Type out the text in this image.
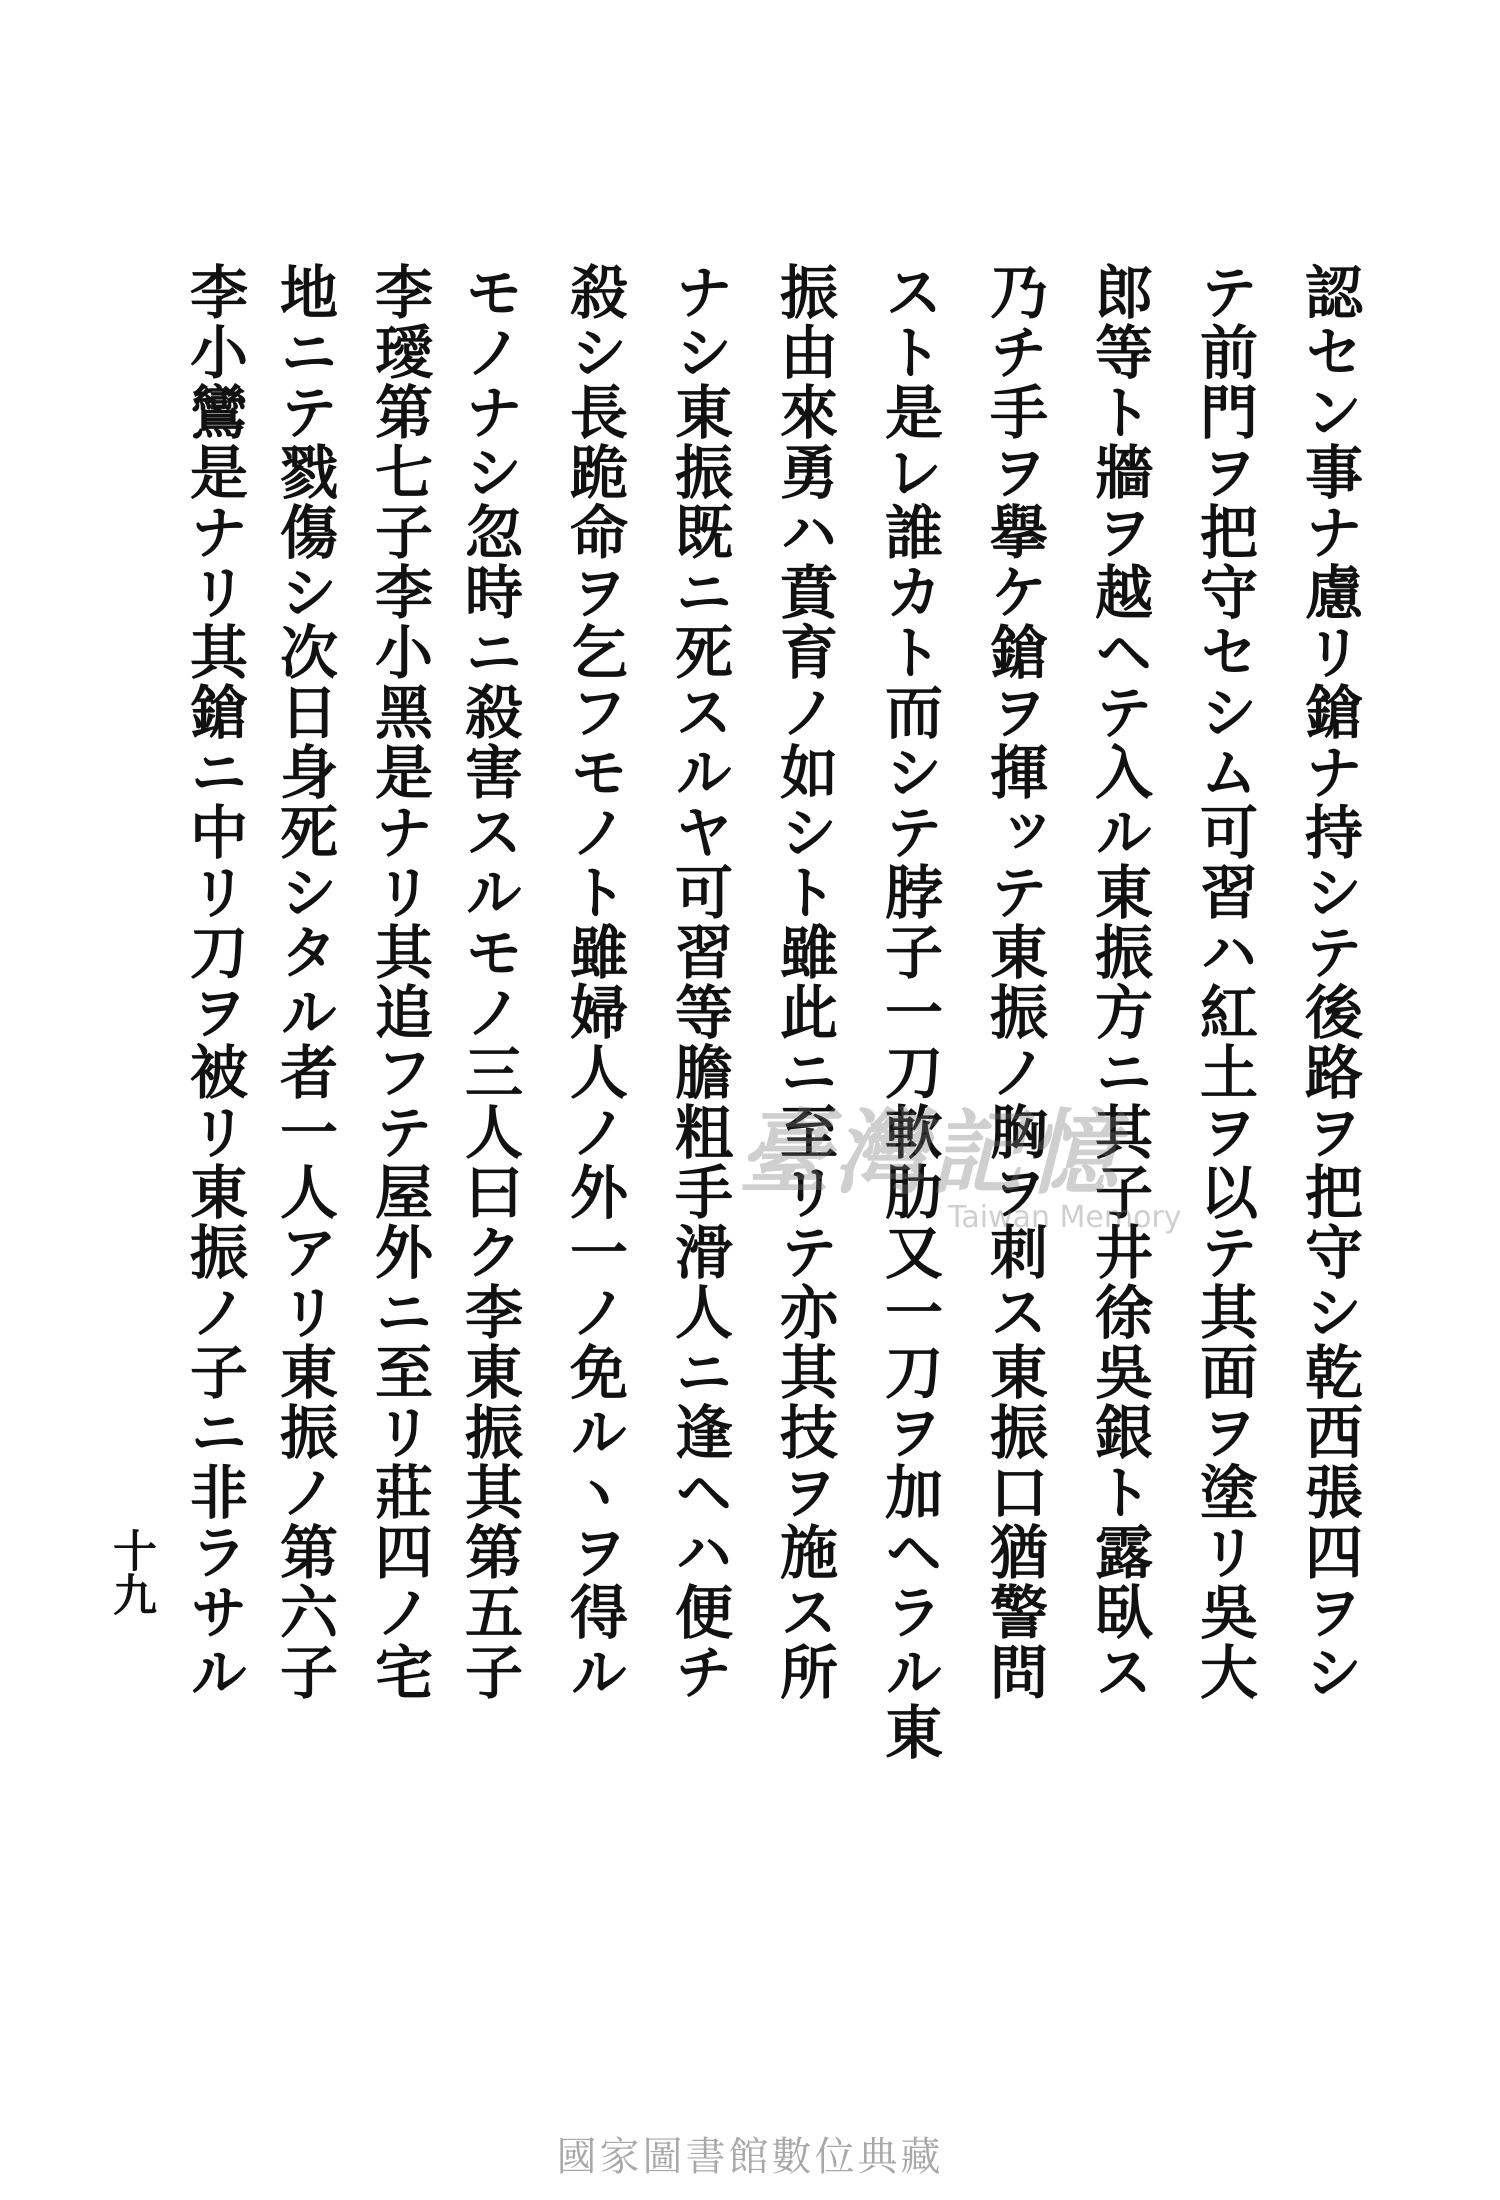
認セン事ナ慮リ鎗ナ持シテ後路ヲ把守シ乾西張四ヲシ
テ前門ヲ把守セシム可習ハ紅土ヲ以テ其面ヲ塗リ吳大
郎等ト牆ヲ越ヘテ入ル東振方ニ其子井徐吳銀ト露臥ス
乃チ手ヲ擧ケ鎗ヲ揮ッテ東振ノ胸ヲ刺ス東振口猶警問
スト是レ誰カト而シテ脖子一刀軟肋又一刀ヲ加ヘラル東
振由來勇ハ賁育ノ如シト雖此ニ至リテ亦其技ヲ施ス所
ナシ東振既ニ死スルヤ可習等膽粗手滑人ニ逢ヘハ便チ
殺シ長跪命ヲ乞フモノト雖婦人ノ外一ノ免ルヽヲ得ル
モノナシ忽時ニ殺害スルモノ三人曰ク李東振其第五子
李璦第七子李小黑是ナリ其追フテ屋外ニ至リ莊四ノ宅
地ニテ戮傷シ次日身死シタル者一人アリ東振ノ第六子
李小鸞是ナリ其鎗ニ中リ刀ヲ被リ東振ノ子ニ非ラサル
十九
臺灣記憶
Taiwan Memory
國家圖書館數位典藏
